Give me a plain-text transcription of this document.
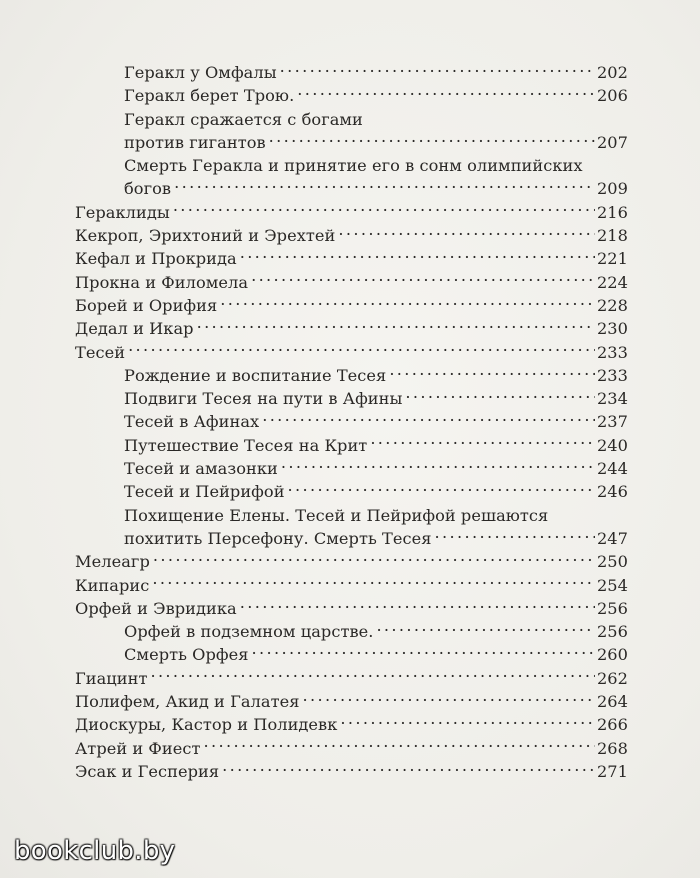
Геракл у Омфалы . . .	202
Геракл берет Трою. . . .	206
Геракл сражается с богами
против гигантов . . .	207
Смерть Геракла и принятие его в сонм олимпийских
богов . . .	209
Гераклиды . . .	216
Кекроп, Эрихтоний и Эрехтей . . .	218
Кефал и Прокрида . . .	221
Прокна и Филомела . . .	224
Борей и Орифия . . .	228
Дедал и Икар . . .	230
Тесей . . .	233
Рождение и воспитание Тесея . . .	233
Подвиги Тесея на пути в Афины . . .	234
Тесей в Афинах . . .	237
Путешествие Тесея на Крит . . .	240
Тесей и амазонки . . .	244
Тесей и Пейрифой . . .	246
Похищение Елены. Тесей и Пейрифой решаются
похитить Персефону. Смерть Тесея . . .	247
Мелеагр . . .	250
Кипарис . . .	254
Орфей и Эвридика . . .	256
Орфей в подземном царстве. . . .	256
Смерть Орфея . . .	260
Гиацинт . . .	262
Полифем, Акид и Галатея . . .	264
Диоскуры, Кастор и Полидевк . . .	266
Атрей и Фиест . . .	268
Эсак и Гесперия . . .	271
bookclub.by
